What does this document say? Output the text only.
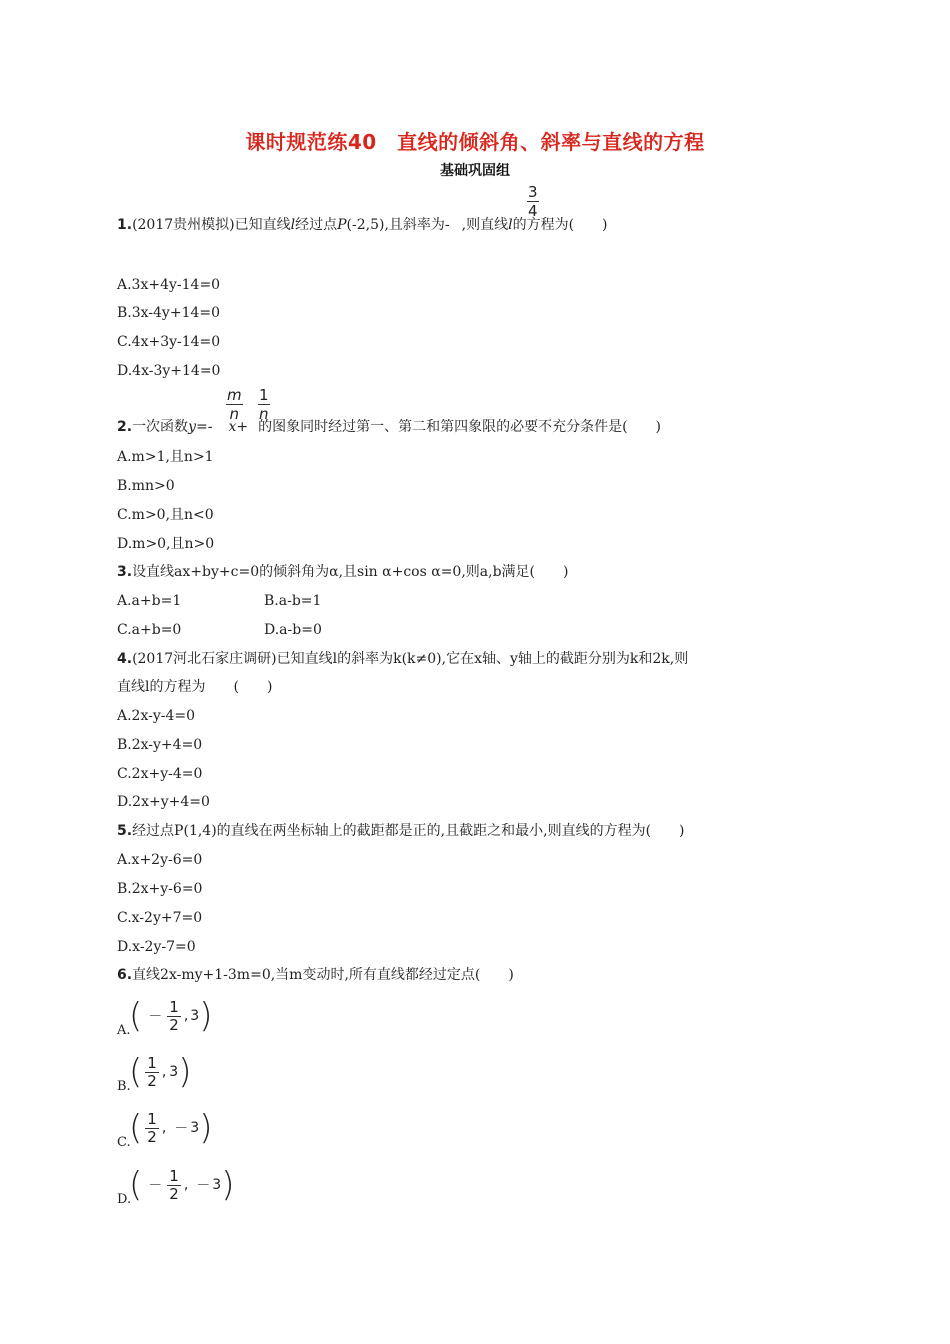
课时规范练40　直线的倾斜角、斜率与直线的方程
基础巩固组
$\frac{3}{4}$
1.(2017贵州模拟)已知直线l经过点P(-2,5),且斜率为- ,则直线l的方程为(　　)
A.3x+4y-14=0
B.3x-4y+14=0
C.4x+3y-14=0
D.4x-3y+14=0
$\frac{m}{n} \frac{1}{n}$
2.一次函数y=- x+ 的图象同时经过第一、第二和第四象限的必要不充分条件是(　　)
A.m>1,且n>1
B.mn>0
C.m>0,且n<0
D.m>0,且n>0
3.设直线ax+by+c=0的倾斜角为α,且sin α+cos α=0,则a,b满足(　　)
A.a+b=1	B.a-b=1
C.a+b=0	D.a-b=0
4.(2017河北石家庄调研)已知直线l的斜率为k(k≠0),它在x轴、y轴上的截距分别为k和2k,则
直线l的方程为　　(　　)
A.2x-y-4=0
B.2x-y+4=0
C.2x+y-4=0
D.2x+y+4=0
5.经过点P(1,4)的直线在两坐标轴上的截距都是正的,且截距之和最小,则直线的方程为(　　)
A.x+2y-6=0
B.2x+y-6=0
C.x-2y+7=0
D.x-2y-7=0
6.直线2x-my+1-3m=0,当m变动时,所有直线都经过定点(　　)
A.
( －
1
2 , 3 )
B.
( 1
2 , 3 )
C.
( 1
2 , － 3 )
D.
( －
1
2 , － 3 )
